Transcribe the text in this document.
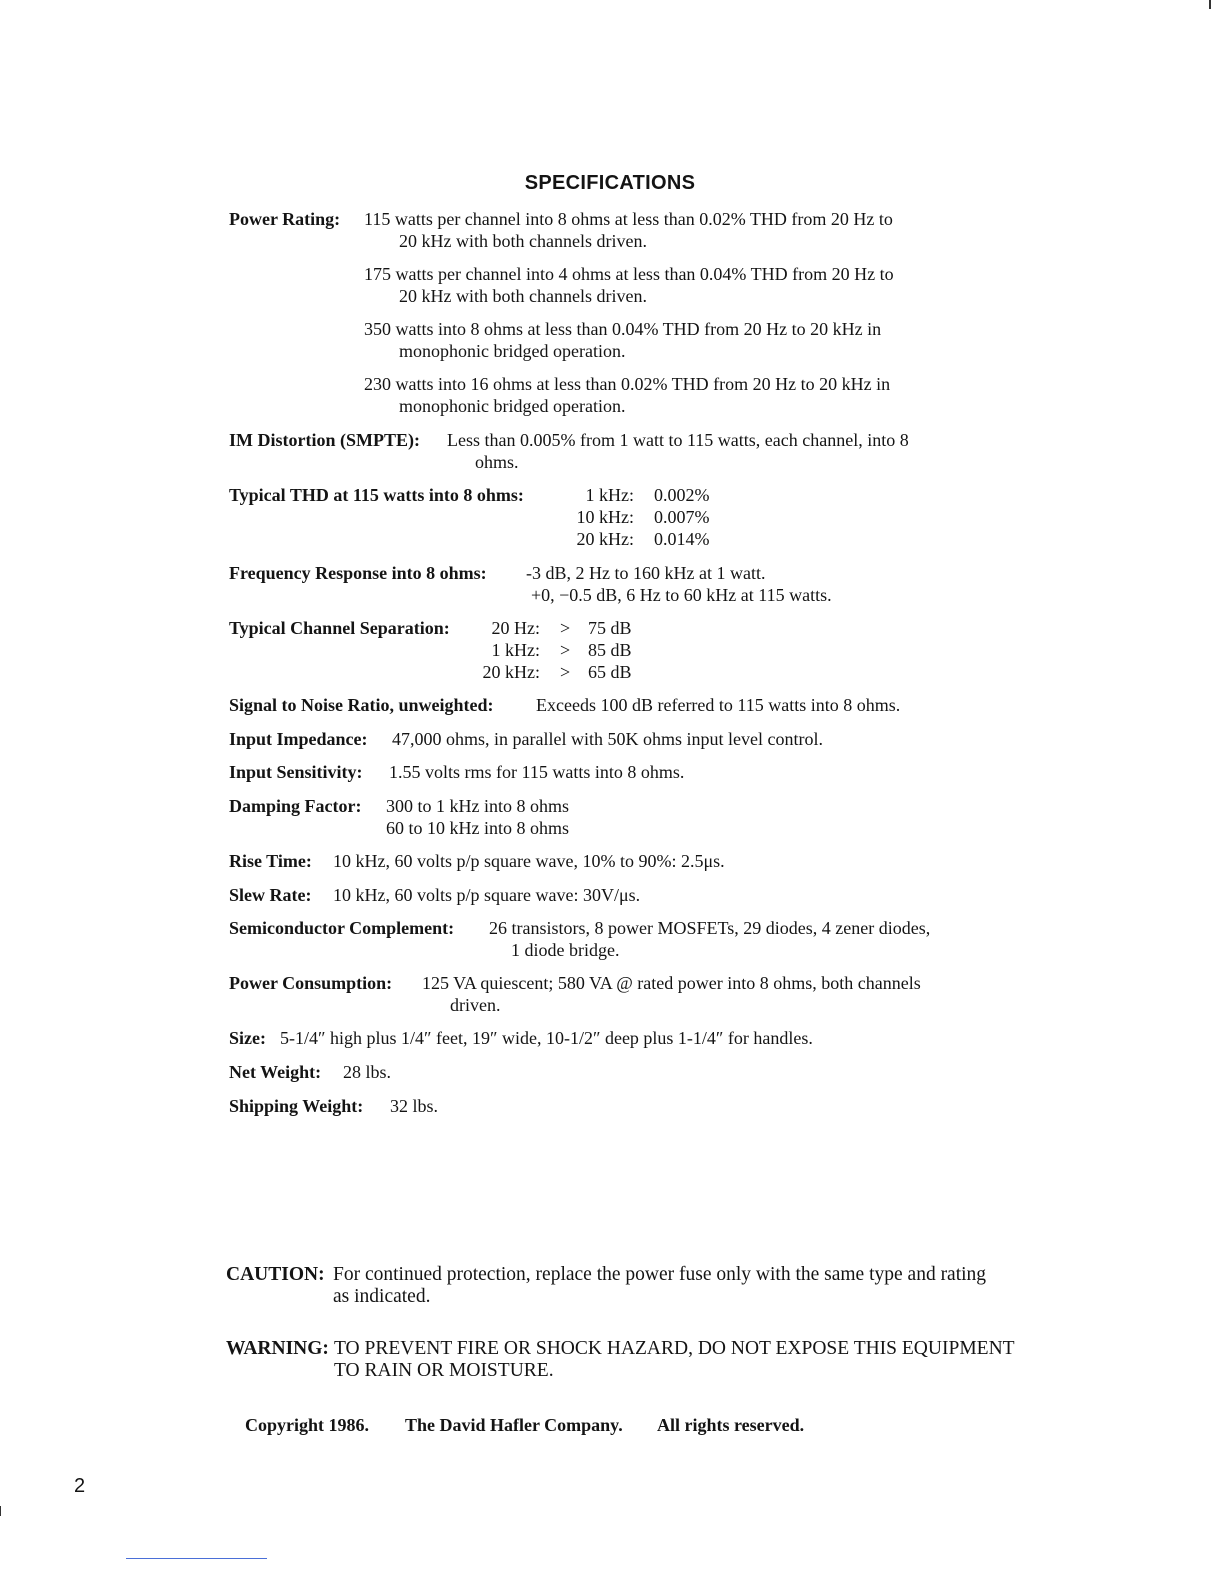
SPECIFICATIONS
Power Rating: 115 watts per channel into 8 ohms at less than 0.02% THD from 20 Hz to
20 kHz with both channels driven.
175 watts per channel into 4 ohms at less than 0.04% THD from 20 Hz to
20 kHz with both channels driven.
350 watts into 8 ohms at less than 0.04% THD from 20 Hz to 20 kHz in
monophonic bridged operation.
230 watts into 16 ohms at less than 0.02% THD from 20 Hz to 20 kHz in
monophonic bridged operation.
IM Distortion (SMPTE): Less than 0.005% from 1 watt to 115 watts, each channel, into 8
ohms.
Typical THD at 115 watts into 8 ohms:	1 kHz: 0.002%
10 kHz: 0.007%
20 kHz: 0.014%
Frequency Response into 8 ohms: -3 dB, 2 Hz to 160 kHz at 1 watt.
+0, −0.5 dB, 6 Hz to 60 kHz at 115 watts.
Typical Channel Separation:	20 Hz: > 75 dB
1 kHz: > 85 dB
20 kHz: > 65 dB
Signal to Noise Ratio, unweighted: Exceeds 100 dB referred to 115 watts into 8 ohms.
Input Impedance: 47,000 ohms, in parallel with 50K ohms input level control.
Input Sensitivity: 1.55 volts rms for 115 watts into 8 ohms.
Damping Factor: 300 to 1 kHz into 8 ohms
60 to 10 kHz into 8 ohms
Rise Time: 10 kHz, 60 volts p/p square wave, 10% to 90%: 2.5μs.
Slew Rate: 10 kHz, 60 volts p/p square wave: 30V/μs.
Semiconductor Complement: 26 transistors, 8 power MOSFETs, 29 diodes, 4 zener diodes,
1 diode bridge.
Power Consumption: 125 VA quiescent; 580 VA @ rated power into 8 ohms, both channels
driven.
Size: 5-1/4″ high plus 1/4″ feet, 19″ wide, 10-1/2″ deep plus 1-1/4″ for handles.
Net Weight: 28 lbs.
Shipping Weight: 32 lbs.
CAUTION: For continued protection, replace the power fuse only with the same type and rating
as indicated.
WARNING: TO PREVENT FIRE OR SHOCK HAZARD, DO NOT EXPOSE THIS EQUIPMENT
TO RAIN OR MOISTURE.
Copyright 1986. The David Hafler Company. All rights reserved.
2
